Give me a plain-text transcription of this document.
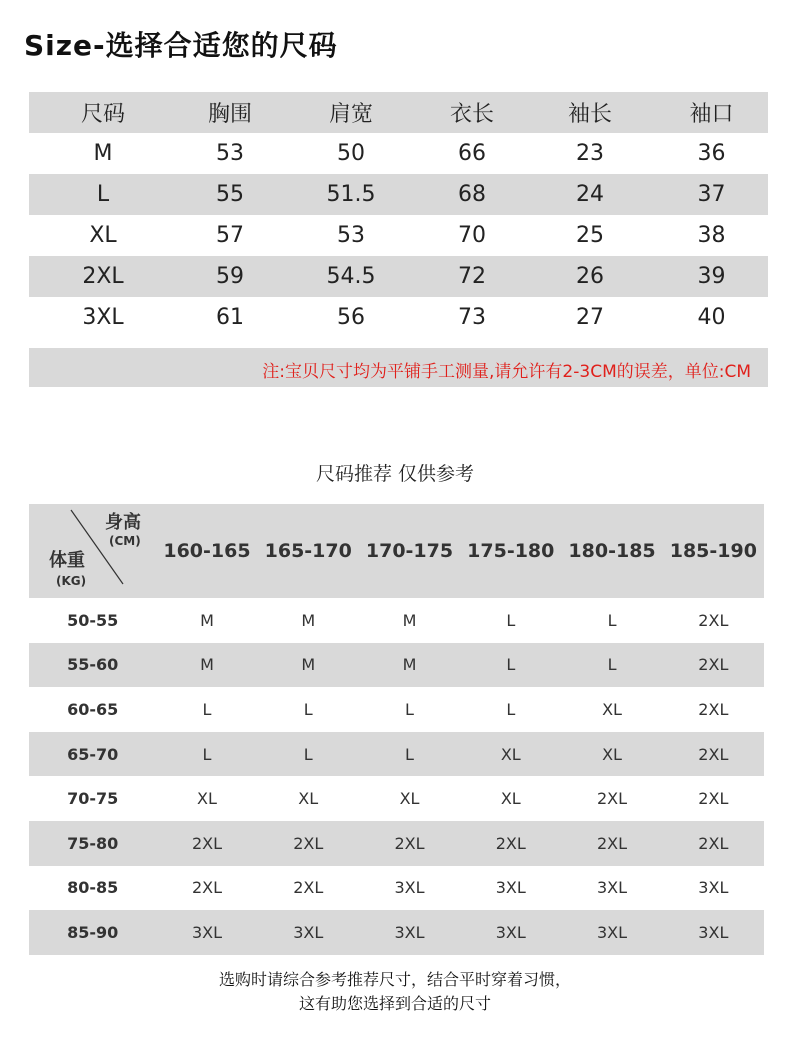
Size-选择合适您的尺码
尺码	胸围	肩宽	衣长	袖长	袖口
M	53	50	66	23	36
L	55	51.5	68	24	37
XL	57	53	70	25	38
2XL	59	54.5	72	26	39
3XL	61	56	73	27	40
注:宝贝尺寸均为平铺手工测量,请允许有2-3CM的误差，单位:CM
尺码推荐 仅供参考
身高
(CM)
体重
(KG)	160-165	165-170	170-175	175-180	180-185	185-190
50-55	M	M	M	L	L	2XL
55-60	M	M	M	L	L	2XL
60-65	L	L	L	L	XL	2XL
65-70	L	L	L	XL	XL	2XL
70-75	XL	XL	XL	XL	2XL	2XL
75-80	2XL	2XL	2XL	2XL	2XL	2XL
80-85	2XL	2XL	3XL	3XL	3XL	3XL
85-90	3XL	3XL	3XL	3XL	3XL	3XL
选购时请综合参考推荐尺寸，结合平时穿着习惯，
这有助您选择到合适的尺寸
